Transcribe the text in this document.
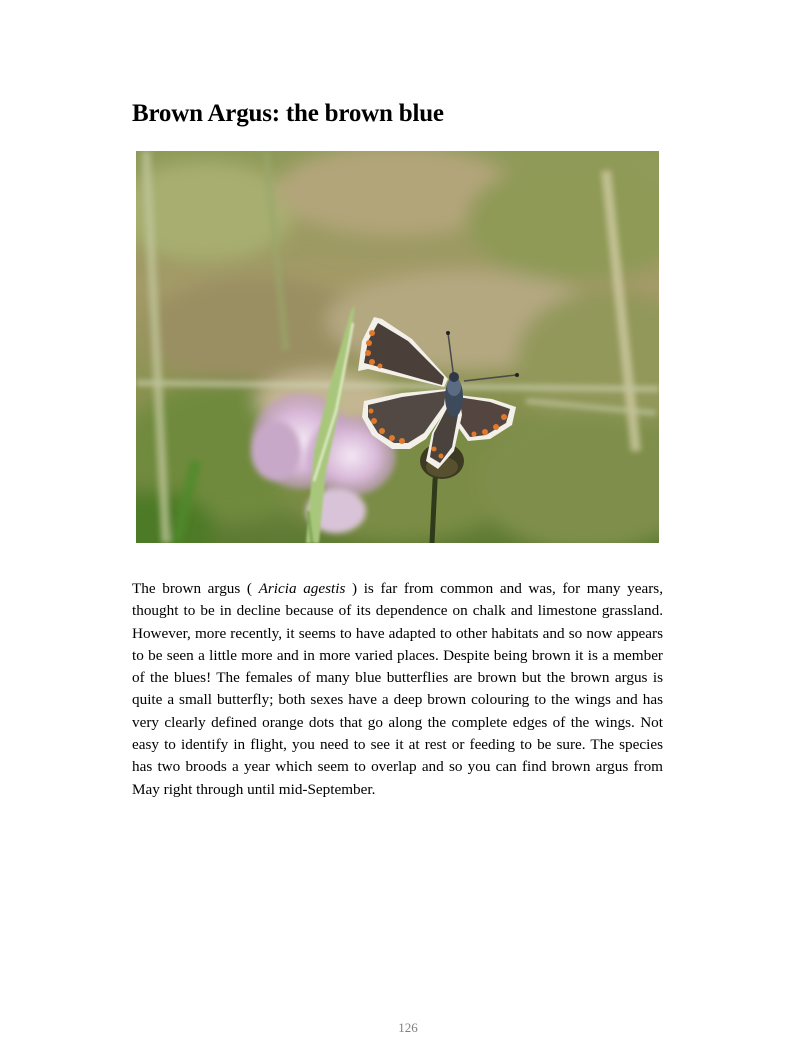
Brown Argus: the brown blue

The brown argus ( Aricia agestis ) is far from common and was, for many years, thought to be in decline because of its dependence on chalk and limestone grassland. However, more recently, it seems to have adapted to other habitats and so now appears to be seen a little more and in more varied places. Despite being brown it is a member of the blues! The females of many blue butterflies are brown but the brown argus is quite a small butterfly; both sexes have a deep brown colouring to the wings and has very clearly defined orange dots that go along the complete edges of the wings. Not easy to identify in flight, you need to see it at rest or feeding to be sure. The species has two broods a year which seem to overlap and so you can find brown argus from May right through until mid-September.

126
